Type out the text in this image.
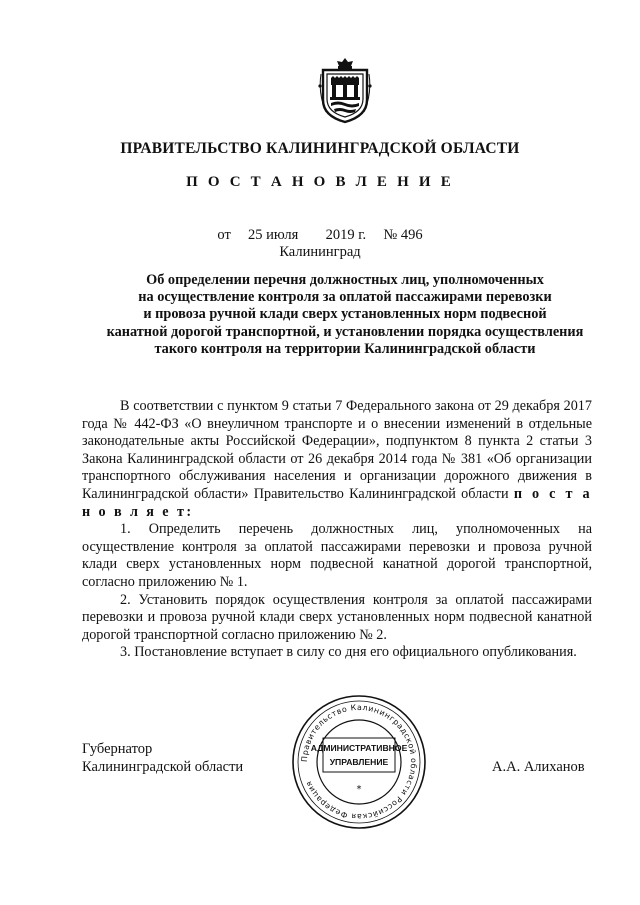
ПРАВИТЕЛЬСТВО КАЛИНИНГРАДСКОЙ ОБЛАСТИ
П О С Т А Н О В Л Е Н И Е
от 25 июля 2019 г. № 496
Калининград
Об определении перечня должностных лиц, уполномоченных
на осуществление контроля за оплатой пассажирами перевозки
и провоза ручной клади сверх установленных норм подвесной
канатной дорогой транспортной, и установлении порядка осуществления
такого контроля на территории Калининградской области

В соответствии с пунктом 9 статьи 7 Федерального закона от 29 декабря 2017 года № 442-ФЗ «О внеуличном транспорте и о внесении изменений в отдельные законодательные акты Российской Федерации», подпунктом 8 пункта 2 статьи 3 Закона Калининградской области от 26 декабря 2014 года № 381 «Об организации транспортного обслуживания населения и организации дорожного движения в Калининградской области» Правительство Калининградской области п о с т а н о в л я е т:

1. Определить перечень должностных лиц, уполномоченных на осуществление контроля за оплатой пассажирами перевозки и провоза ручной клади сверх установленных норм подвесной канатной дорогой транспортной, согласно приложению № 1.

2. Установить порядок осуществления контроля за оплатой пассажирами перевозки и провоза ручной клади сверх установленных норм подвесной канатной дорогой транспортной согласно приложению № 2.

3. Постановление вступает в силу со дня его официального опубликования.

Губернатор
Калининградской области	А.А. Алиханов
Правительство Калининградской области Российская Федерация
АДМИНИСТРАТИВНОЕ
УПРАВЛЕНИЕ
*
